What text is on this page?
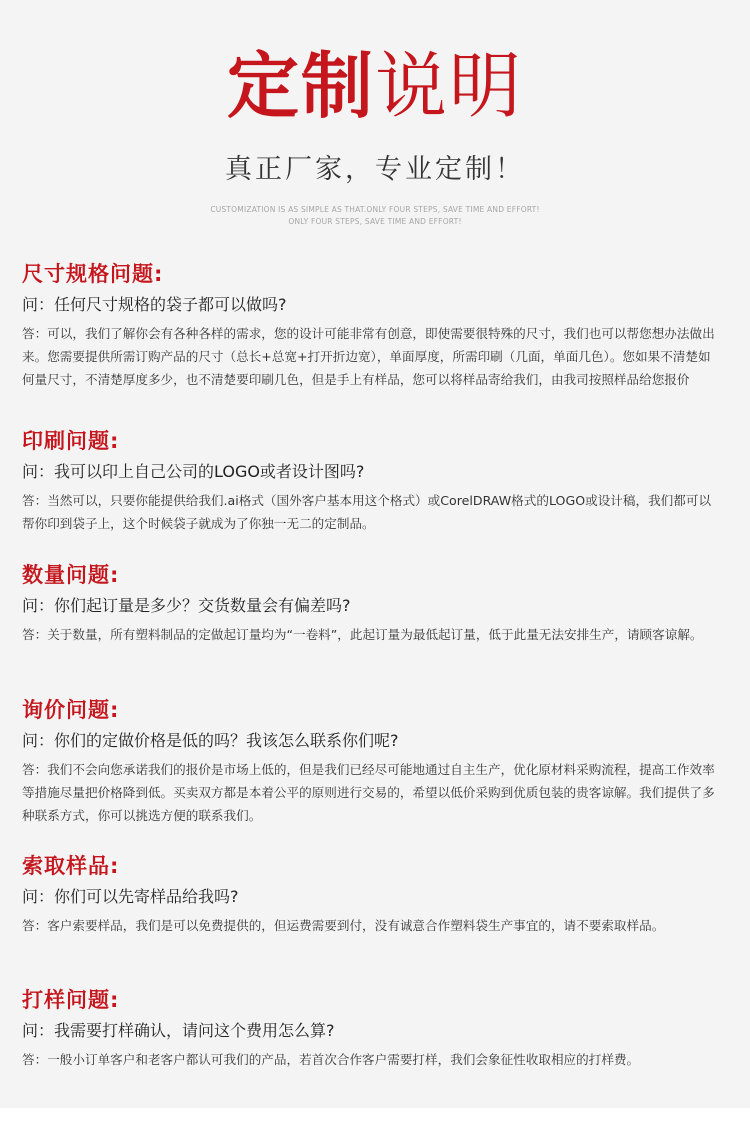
定制说明
真正厂家，专业定制！
CUSTOMIZATION IS AS SIMPLE AS THAT.ONLY FOUR STEPS, SAVE TIME AND EFFORT!
ONLY FOUR STEPS, SAVE TIME AND EFFORT!
尺寸规格问题:
问：任何尺寸规格的袋子都可以做吗?
答：可以，我们了解你会有各种各样的需求，您的设计可能非常有创意，即使需要很特殊的尺寸，我们也可以帮您想办法做出来。您需要提供所需订购产品的尺寸（总长+总宽+打开折边宽），单面厚度，所需印刷（几面，单面几色）。您如果不清楚如何量尺寸，不清楚厚度多少，也不清楚要印刷几色，但是手上有样品，您可以将样品寄给我们，由我司按照样品给您报价
印刷问题:
问：我可以印上自己公司的LOGO或者设计图吗?
答：当然可以，只要你能提供给我们.ai格式（国外客户基本用这个格式）或CorelDRAW格式的LOGO或设计稿，我们都可以帮你印到袋子上，这个时候袋子就成为了你独一无二的定制品。
数量问题:
问：你们起订量是多少？交货数量会有偏差吗?
答：关于数量，所有塑料制品的定做起订量均为“一卷料”，此起订量为最低起订量，低于此量无法安排生产，请顾客谅解。
询价问题:
问：你们的定做价格是低的吗？我该怎么联系你们呢?
答：我们不会向您承诺我们的报价是市场上低的，但是我们已经尽可能地通过自主生产，优化原材料采购流程，提高工作效率等措施尽量把价格降到低。买卖双方都是本着公平的原则进行交易的，希望以低价采购到优质包装的贵客谅解。我们提供了多种联系方式，你可以挑选方便的联系我们。
索取样品:
问：你们可以先寄样品给我吗?
答：客户索要样品，我们是可以免费提供的，但运费需要到付，没有诚意合作塑料袋生产事宜的，请不要索取样品。
打样问题:
问：我需要打样确认，请问这个费用怎么算?
答：一般小订单客户和老客户都认可我们的产品，若首次合作客户需要打样，我们会象征性收取相应的打样费。
